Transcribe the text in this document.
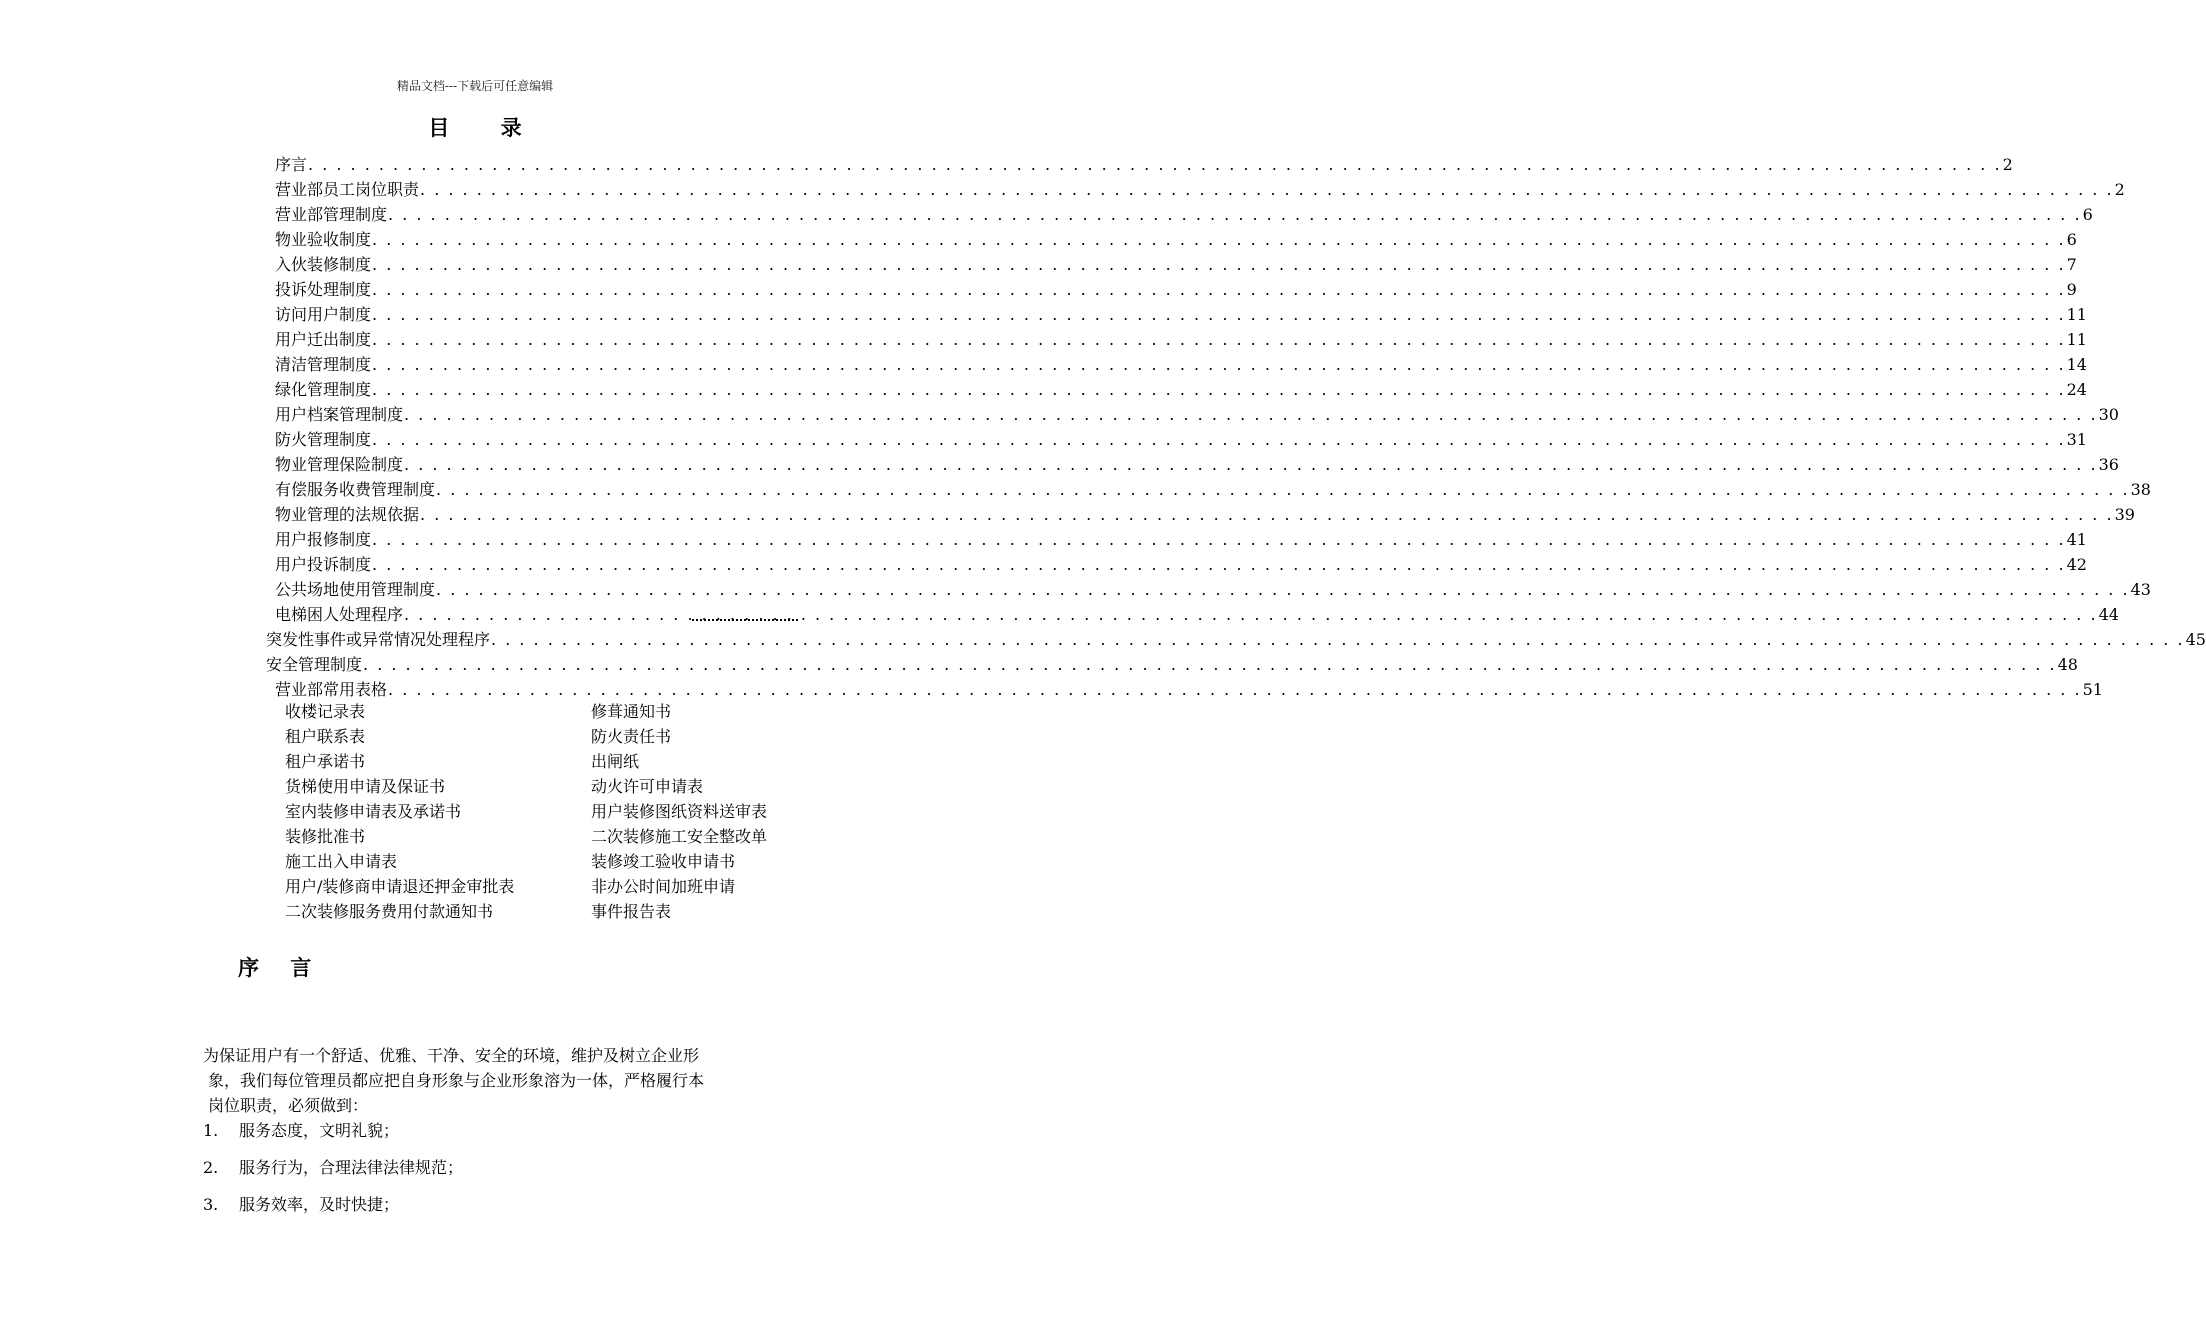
精品文档---下载后可任意编辑
目 录
序言 . . . . . . . . . . . . . . . . . . . . . . . . . . . . . . . . . . . . . . . . . . . . . . . . . . . . . . . . . . . . . . . . . . . . . . . . . . . . . . . . . . . . . . . . . . . . . . . . . . . . . . . . . . . . . . . . . . . . . . . . 2
营业部员工岗位职责 . . . . . . . . . . . . . . . . . . . . . . . . . . . . . . . . . . . . . . . . . . . . . . . . . . . . . . . . . . . . . . . . . . . . . . . . . . . . . . . . . . . . . . . . . . . . . . . . . . . . . . . . . . . . . . . . . . . . . . . . 2
营业部管理制度 . . . . . . . . . . . . . . . . . . . . . . . . . . . . . . . . . . . . . . . . . . . . . . . . . . . . . . . . . . . . . . . . . . . . . . . . . . . . . . . . . . . . . . . . . . . . . . . . . . . . . . . . . . . . . . . . . . . . . . . . 6
物业验收制度 . . . . . . . . . . . . . . . . . . . . . . . . . . . . . . . . . . . . . . . . . . . . . . . . . . . . . . . . . . . . . . . . . . . . . . . . . . . . . . . . . . . . . . . . . . . . . . . . . . . . . . . . . . . . . . . . . . . . . . . . 6
入伙装修制度 . . . . . . . . . . . . . . . . . . . . . . . . . . . . . . . . . . . . . . . . . . . . . . . . . . . . . . . . . . . . . . . . . . . . . . . . . . . . . . . . . . . . . . . . . . . . . . . . . . . . . . . . . . . . . . . . . . . . . . . . 7
投诉处理制度 . . . . . . . . . . . . . . . . . . . . . . . . . . . . . . . . . . . . . . . . . . . . . . . . . . . . . . . . . . . . . . . . . . . . . . . . . . . . . . . . . . . . . . . . . . . . . . . . . . . . . . . . . . . . . . . . . . . . . . . . 9
访问用户制度 . . . . . . . . . . . . . . . . . . . . . . . . . . . . . . . . . . . . . . . . . . . . . . . . . . . . . . . . . . . . . . . . . . . . . . . . . . . . . . . . . . . . . . . . . . . . . . . . . . . . . . . . . . . . . . . . . . . . . . . . 11
用户迁出制度 . . . . . . . . . . . . . . . . . . . . . . . . . . . . . . . . . . . . . . . . . . . . . . . . . . . . . . . . . . . . . . . . . . . . . . . . . . . . . . . . . . . . . . . . . . . . . . . . . . . . . . . . . . . . . . . . . . . . . . . . 11
清洁管理制度 . . . . . . . . . . . . . . . . . . . . . . . . . . . . . . . . . . . . . . . . . . . . . . . . . . . . . . . . . . . . . . . . . . . . . . . . . . . . . . . . . . . . . . . . . . . . . . . . . . . . . . . . . . . . . . . . . . . . . . . . 14
绿化管理制度 . . . . . . . . . . . . . . . . . . . . . . . . . . . . . . . . . . . . . . . . . . . . . . . . . . . . . . . . . . . . . . . . . . . . . . . . . . . . . . . . . . . . . . . . . . . . . . . . . . . . . . . . . . . . . . . . . . . . . . . . 24
用户档案管理制度 . . . . . . . . . . . . . . . . . . . . . . . . . . . . . . . . . . . . . . . . . . . . . . . . . . . . . . . . . . . . . . . . . . . . . . . . . . . . . . . . . . . . . . . . . . . . . . . . . . . . . . . . . . . . . . . . . . . . . . . . 30
防火管理制度 . . . . . . . . . . . . . . . . . . . . . . . . . . . . . . . . . . . . . . . . . . . . . . . . . . . . . . . . . . . . . . . . . . . . . . . . . . . . . . . . . . . . . . . . . . . . . . . . . . . . . . . . . . . . . . . . . . . . . . . . 31
物业管理保险制度 . . . . . . . . . . . . . . . . . . . . . . . . . . . . . . . . . . . . . . . . . . . . . . . . . . . . . . . . . . . . . . . . . . . . . . . . . . . . . . . . . . . . . . . . . . . . . . . . . . . . . . . . . . . . . . . . . . . . . . . . 36
有偿服务收费管理制度 . . . . . . . . . . . . . . . . . . . . . . . . . . . . . . . . . . . . . . . . . . . . . . . . . . . . . . . . . . . . . . . . . . . . . . . . . . . . . . . . . . . . . . . . . . . . . . . . . . . . . . . . . . . . . . . . . . . . . . . . 38
物业管理的法规依据 . . . . . . . . . . . . . . . . . . . . . . . . . . . . . . . . . . . . . . . . . . . . . . . . . . . . . . . . . . . . . . . . . . . . . . . . . . . . . . . . . . . . . . . . . . . . . . . . . . . . . . . . . . . . . . . . . . . . . . . . 39
用户报修制度 . . . . . . . . . . . . . . . . . . . . . . . . . . . . . . . . . . . . . . . . . . . . . . . . . . . . . . . . . . . . . . . . . . . . . . . . . . . . . . . . . . . . . . . . . . . . . . . . . . . . . . . . . . . . . . . . . . . . . . . . 41
用户投诉制度 . . . . . . . . . . . . . . . . . . . . . . . . . . . . . . . . . . . . . . . . . . . . . . . . . . . . . . . . . . . . . . . . . . . . . . . . . . . . . . . . . . . . . . . . . . . . . . . . . . . . . . . . . . . . . . . . . . . . . . . . 42
公共场地使用管理制度 . . . . . . . . . . . . . . . . . . . . . . . . . . . . . . . . . . . . . . . . . . . . . . . . . . . . . . . . . . . . . . . . . . . . . . . . . . . . . . . . . . . . . . . . . . . . . . . . . . . . . . . . . . . . . . . . . . . . . . . . 43
电梯困人处理程序 . . . . . . . . . . . . . . . . . . . . . . . . . . . . . . . . . . . . . . . . . . . . . . . . . . . . . . . . . . . . . . . . . . . . . . . . . . . . . . . . . . . . . . . . . . . . . . . . . . . . . . . . . . . . . . . . . . . . . . . . 44
突发性事件或异常情况处理程序 . . . . . . . . . . . . . . . . . . . . . . . . . . . . . . . . . . . . . . . . . . . . . . . . . . . . . . . . . . . . . . . . . . . . . . . . . . . . . . . . . . . . . . . . . . . . . . . . . . . . . . . . . . . . . . . . . . . . . . . . 45
安全管理制度 . . . . . . . . . . . . . . . . . . . . . . . . . . . . . . . . . . . . . . . . . . . . . . . . . . . . . . . . . . . . . . . . . . . . . . . . . . . . . . . . . . . . . . . . . . . . . . . . . . . . . . . . . . . . . . . . . . . . . . . . 48
营业部常用表格 . . . . . . . . . . . . . . . . . . . . . . . . . . . . . . . . . . . . . . . . . . . . . . . . . . . . . . . . . . . . . . . . . . . . . . . . . . . . . . . . . . . . . . . . . . . . . . . . . . . . . . . . . . . . . . . . . . . . . . . . 51
收楼记录表
租户联系表
租户承诺书
货梯使用申请及保证书
室内装修申请表及承诺书
装修批准书
施工出入申请表
用户/装修商申请退还押金审批表
二次装修服务费用付款通知书
修葺通知书
防火责任书
出闸纸
动火许可申请表
用户装修图纸资料送审表
二次装修施工安全整改单
装修竣工验收申请书
非办公时间加班申请
事件报告表
序 言
为保证用户有一个舒适、优雅、干净、安全的环境，维护及树立企业形
象，我们每位管理员都应把自身形象与企业形象溶为一体，严格履行本
岗位职责，必须做到：
1. 服务态度，文明礼貌；
2. 服务行为，合理法律法律规范；
3. 服务效率，及时快捷；
